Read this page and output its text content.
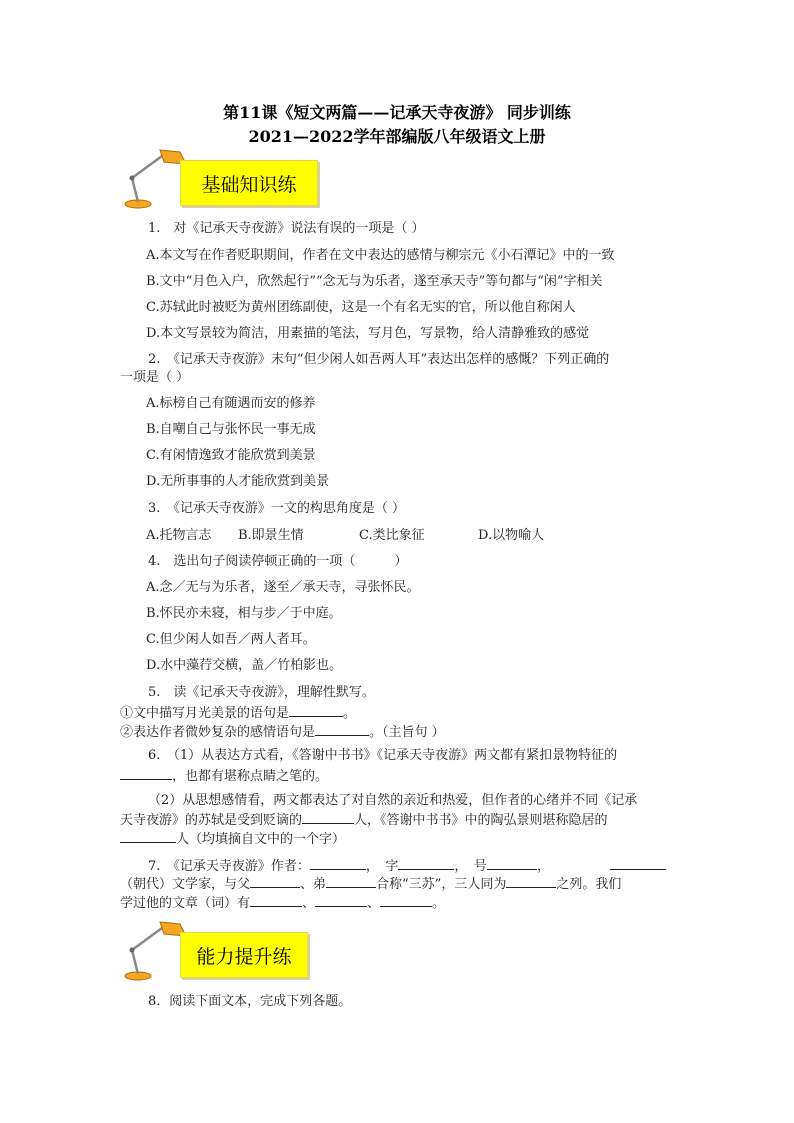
第11课《短文两篇——记承天寺夜游》 同步训练
2021—2022学年部编版八年级语文上册
基础知识练
1.　对《记承天寺夜游》说法有误的一项是（ ）
A.本文写在作者贬职期间，作者在文中表达的感情与柳宗元《小石潭记》中的一致
B.文中“月色入户，欣然起行”“念无与为乐者，遂至承天寺”等句都与“闲”字相关
C.苏轼此时被贬为黄州团练副使，这是一个有名无实的官，所以他自称闲人
D.本文写景较为简洁，用素描的笔法，写月色，写景物，给人清静雅致的感觉
2.　《记承天寺夜游》末句“但少闲人如吾两人耳”表达出怎样的感慨？下列正确的
一项是（ ）
A.标榜自己有随遇而安的修养
B.自嘲自己与张怀民一事无成
C.有闲情逸致才能欣赏到美景
D.无所事事的人才能欣赏到美景
3.　《记承天寺夜游》一文的构思角度是（ ）
A.托物言志 B.即景生情	C.类比象征	D.以物喻人
4.　选出句子阅读停顿正确的一项（　　　）
A.念／无与为乐者，遂至／承天寺，寻张怀民。
B.怀民亦未寝，相与步／于中庭。
C.但少闲人如吾／两人者耳。
D.水中藻荇交横，盖／竹柏影也。
5.　读《记承天寺夜游》，理解性默写。
①文中描写月光美景的语句是	。
②表达作者微妙复杂的感情语句是	。（主旨句 ）
6.　（1）从表达方式看，《答谢中书书》《记承天寺夜游》两文都有紧扣景物特征的
，也都有堪称点睛之笔的。
（2）从思想感情看，两文都表达了对自然的亲近和热爱，但作者的心绪并不同《记承
天寺夜游》的苏轼是受到贬谪的	人，《答谢中书书》中的陶弘景则堪称隐居的
人（均填摘自文中的一个字）
7.　《记承天寺夜游》作者：	，　字	，　号	，
（朝代）文学家，与父	、弟	合称“三苏”，三人同为	之列。我们
学过他的文章（词）有	、	、	。
能力提升练
8．阅读下面文本，完成下列各题。
